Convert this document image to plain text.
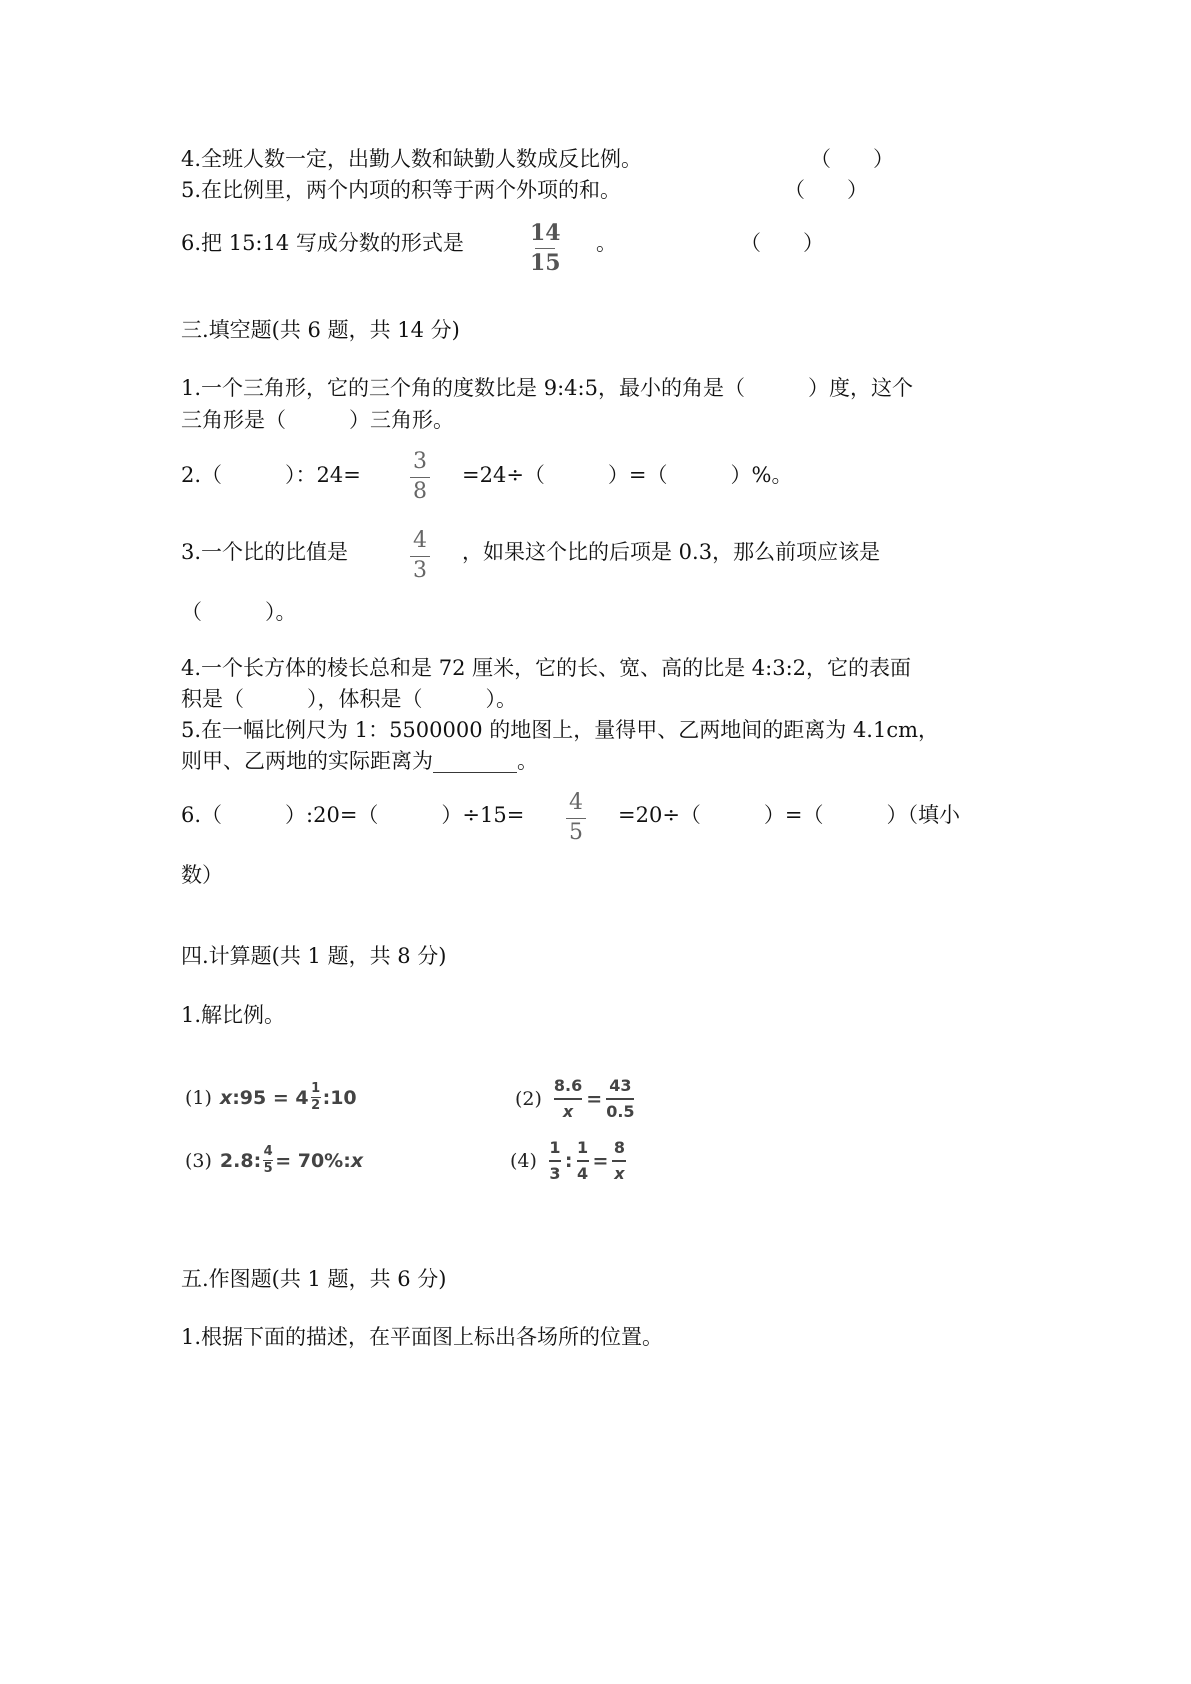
4.全班人数一定，出勤人数和缺勤人数成反比例。	（　　）
5.在比例里，两个内项的积等于两个外项的和。	（　　）
6.把 15:14 写成分数的形式是	14
15
。	（　　）
三.填空题(共 6 题，共 14 分)
1.一个三角形，它的三个角的度数比是 9:4:5，最小的角是（　　　）度，这个
三角形是（　　　）三角形。
2.（　　　）：24=
3
8
=24÷（　　　）=（　　　）%。
3.一个比的比值是	4
3
，如果这个比的后项是 0.3，那么前项应该是
（　　　）。
4.一个长方体的棱长总和是 72 厘米，它的长、宽、高的比是 4:3:2，它的表面
积是（　　　），体积是（　　　）。
5.在一幅比例尺为 1：5500000 的地图上，量得甲、乙两地间的距离为 4.1cm，
则甲、乙两地的实际距离为________。
6.（　　　）:20=（　　　）÷15= 4
5
=20÷（　　　）=（　　　）（填小
数）
四.计算题(共 1 题，共 8 分)
1.解比例。
(1) x :95 = 4 1
2 :10	(2)
8.6
x
=
43
0.5
(3) 2.8: 4
5 = 70%: x	(4)
1
3
:
1
4
=
8
x
五.作图题(共 1 题，共 6 分)
1.根据下面的描述，在平面图上标出各场所的位置。
